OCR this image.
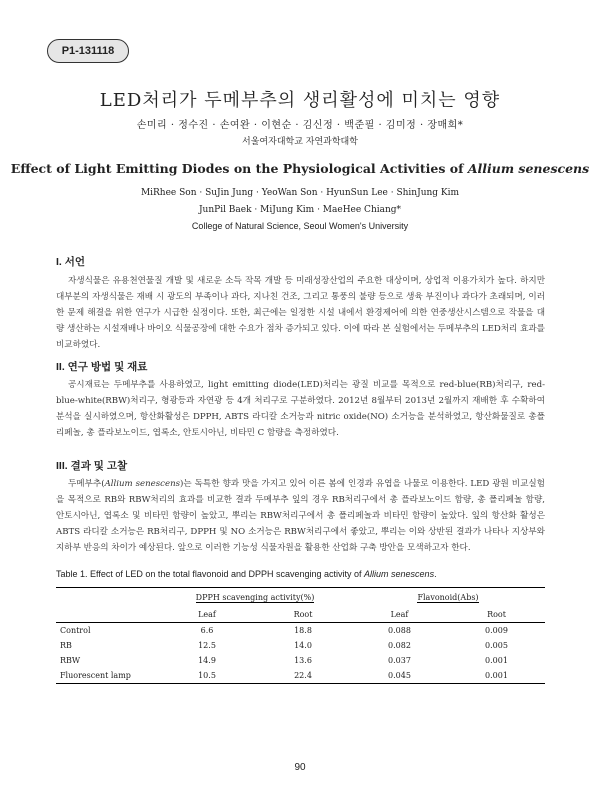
P1-131118
LED처리가 두메부추의 생리활성에 미치는 영향
손미리 · 정수진 · 손여완 · 이현순 · 김신정 · 백준필 · 김미정 · 장매희*
서울여자대학교 자연과학대학
Effect of Light Emitting Diodes on the Physiological Activities of Allium senescens
MiRhee Son · SuJin Jung · YeoWan Son · HyunSun Lee · ShinJung Kim
JunPil Baek · MiJung Kim · MaeHee Chiang*
College of Natural Science, Seoul Women's University
I. 서언
자생식물은 유용천연물질 개발 및 새로운 소득 작목 개발 등 미래성장산업의 주요한 대상이며, 상업적 이용가치가 높다. 하지만 대부분의 자생식물은 재배 시 광도의 부족이나 과다, 지나친 건조, 그리고 통풍의 불량 등으로 생육 부진이나 과다가 초래되며, 이러한 문제 해결을 위한 연구가 시급한 실정이다. 또한, 최근에는 일정한 시설 내에서 환경제어에 의한 연중생산시스템으로 작물을 대량 생산하는 시설재배나 바이오 식물공장에 대한 수요가 점차 증가되고 있다. 이에 따라 본 실험에서는 두메부추의 LED처리 효과를 비교하였다.
II. 연구 방법 및 재료
공시재료는 두메부추를 사용하였고, light emitting diode(LED)처리는 광질 비교를 목적으로 red-blue(RB)처리구, red-blue-white(RBW)처리구, 형광등과 자연광 등 4개 처리구로 구분하였다. 2012년 8월부터 2013년 2월까지 재배한 후 수확하여 분석을 실시하였으며, 항산화활성은 DPPH, ABTS 라디칼 소거능과 nitric oxide(NO) 소거능을 분석하였고, 항산화물질로 총폴리페놀, 총 플라보노이드, 엽록소, 안토시아닌, 비타민 C 함량을 측정하였다.
III. 결과 및 고찰
두메부추(Allium senescens)는 독특한 향과 맛을 가지고 있어 이른 봄에 인경과 유엽을 나물로 이용한다. LED 광원 비교실험을 목적으로 RB와 RBW처리의 효과를 비교한 결과 두메부추 잎의 경우 RB처리구에서 총 플라보노이드 함량, 총 폴리페놀 함량, 안토시아닌, 엽록소 및 비타민 함량이 높았고, 뿌리는 RBW처리구에서 총 폴리페놀과 비타민 함량이 높았다. 잎의 항산화 활성은 ABTS 라디칼 소거능은 RB처리구, DPPH 및 NO 소거능은 RBW처리구에서 좋았고, 뿌리는 이와 상반된 결과가 나타나 지상부와 지하부 반응의 차이가 예상된다. 앞으로 이러한 기능성 식물자원을 활용한 산업화 구축 방안을 모색하고자 한다.
Table 1. Effect of LED on the total flavonoid and DPPH scavenging activity of Allium senescens.
	DPPH scavenging activity(%)		Flavonoid(Abs)	
	Leaf	Root	Leaf	Root
Control	6.6	18.8	0.088	0.009
RB	12.5	14.0	0.082	0.005
RBW	14.9	13.6	0.037	0.001
Fluorescent lamp	10.5	22.4	0.045	0.001
90
